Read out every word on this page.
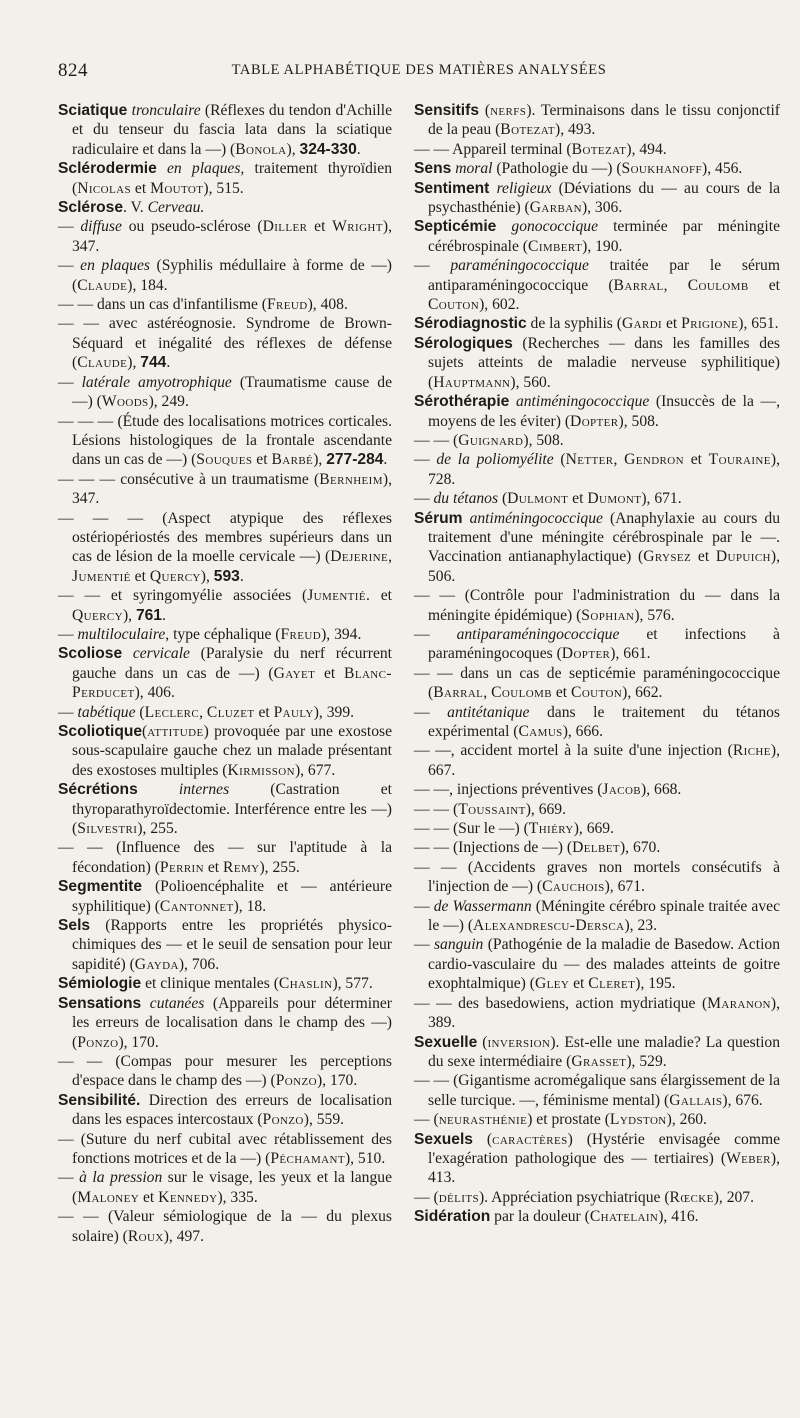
824	TABLE ALPHABÉTIQUE DES MATIÈRES ANALYSÉES

Sciatique tronculaire (Réflexes du tendon d'Achille et du tenseur du fascia lata dans la sciatique radiculaire et dans la —) (Bonola), 324-330.

Sclérodermie en plaques, traitement thyroïdien (Nicolas et Moutot), 515.

Sclérose. V. Cerveau.

— diffuse ou pseudo-sclérose (Diller et Wright), 347.

— en plaques (Syphilis médullaire à forme de —) (Claude), 184.

— — dans un cas d'infantilisme (Freud), 408.

— — avec astéréognosie. Syndrome de Brown-Séquard et inégalité des réflexes de défense (Claude), 744.

— latérale amyotrophique (Traumatisme cause de —) (Woods), 249.

— — — (Étude des localisations motrices corticales. Lésions histologiques de la frontale ascendante dans un cas de —) (Souques et Barbé), 277-284.

— — — consécutive à un traumatisme (Bernheim), 347.

— — — (Aspect atypique des réflexes ostériopériostés des membres supérieurs dans un cas de lésion de la moelle cervicale —) (Dejerine, Jumentié et Quercy), 593.

— — et syringomyélie associées (Jumentié. et Quercy), 761.

— multiloculaire, type céphalique (Freud), 394.

Scoliose cervicale (Paralysie du nerf récurrent gauche dans un cas de —) (Gayet et Blanc-Perducet), 406.

— tabétique (Leclerc, Cluzet et Pauly), 399.

Scoliotique(attitude) provoquée par une exostose sous-scapulaire gauche chez un malade présentant des exostoses multiples (Kirmisson), 677.

Sécrétions	internes (Castration et thyroparathyroïdectomie. Interférence entre les —) (Silvestri), 255.

— — (Influence des — sur l'aptitude à la fécondation) (Perrin et Remy), 255.

Segmentite (Polioencéphalite et — antérieure syphilitique) (Cantonnet), 18.

Sels (Rapports entre les propriétés physico-chimiques des — et le seuil de sensation pour leur sapidité) (Gayda), 706.

Sémiologie et clinique mentales (Chaslin), 577.

Sensations cutanées (Appareils pour déterminer les erreurs de localisation dans le champ des —) (Ponzo), 170.

— — (Compas pour mesurer les perceptions d'espace dans le champ des —) (Ponzo), 170.

Sensibilité. Direction des erreurs de localisation dans les espaces intercostaux (Ponzo), 559.

— (Suture du nerf cubital avec rétablissement des fonctions motrices et de la —) (Péchamant), 510.

— à la pression sur le visage, les yeux et la langue (Maloney et Kennedy), 335.

— — (Valeur sémiologique de la — du plexus solaire) (Roux), 497.

Sensitifs (nerfs). Terminaisons dans le tissu conjonctif de la peau (Botezat), 493.

— — Appareil terminal (Botezat), 494.

Sens moral (Pathologie du —) (Soukhanoff), 456.

Sentiment religieux (Déviations du — au cours de la psychasthénie) (Garban), 306.

Septicémie gonococcique terminée par méningite cérébrospinale (Cimbert), 190.

— paraméningococcique traitée par le sérum antiparaméningococcique (Barral, Coulomb et Couton), 602.

Sérodiagnostic de la syphilis (Gardi et Prigione), 651.

Sérologiques (Recherches — dans les familles des sujets atteints de maladie nerveuse syphilitique) (Hauptmann), 560.

Sérothérapie antiméningococcique (Insuccès de la —, moyens de les éviter) (Dopter), 508.

— — (Guignard), 508.

— de la poliomyélite (Netter, Gendron et Touraine), 728.

— du tétanos (Dulmont et Dumont), 671.

Sérum antiméningococcique (Anaphylaxie au cours du traitement d'une méningite cérébrospinale par le —. Vaccination antianaphylactique) (Grysez et Dupuich), 506.

— — (Contrôle pour l'administration du — dans la méningite épidémique) (Sophian), 576.

— antiparaméningococcique et infections à paraméningocoques (Dopter), 661.

— — dans un cas de septicémie paraméningococcique (Barral, Coulomb et Couton), 662.

— antitétanique dans le traitement du tétanos expérimental (Camus), 666.

— —, accident mortel à la suite d'une injection (Riche), 667.

— —, injections préventives (Jacob), 668.

— — (Toussaint), 669.

— — (Sur le —) (Thiéry), 669.

— — (Injections de —) (Delbet), 670.

— — (Accidents graves non mortels consécutifs à l'injection de —) (Cauchois), 671.

— de Wassermann (Méningite cérébro spinale traitée avec le —) (Alexandrescu-Dersca), 23.

— sanguin (Pathogénie de la maladie de Basedow. Action cardio-vasculaire du — des malades atteints de goitre exophtalmique) (Gley et Cleret), 195.

— — des basedowiens, action mydriatique (Maranon), 389.

Sexuelle (inversion). Est-elle une maladie? La question du sexe intermédiaire (Grasset), 529.

— — (Gigantisme acromégalique sans élargissement de la selle turcique. —, féminisme mental) (Gallais), 676.

— (neurasthénie) et prostate (Lydston), 260.

Sexuels (caractères) (Hystérie envisagée comme l'exagération pathologique des — tertiaires) (Weber), 413.

— (délits). Appréciation psychiatrique (Rœcke), 207.

Sidération par la douleur (Chatelain), 416.
